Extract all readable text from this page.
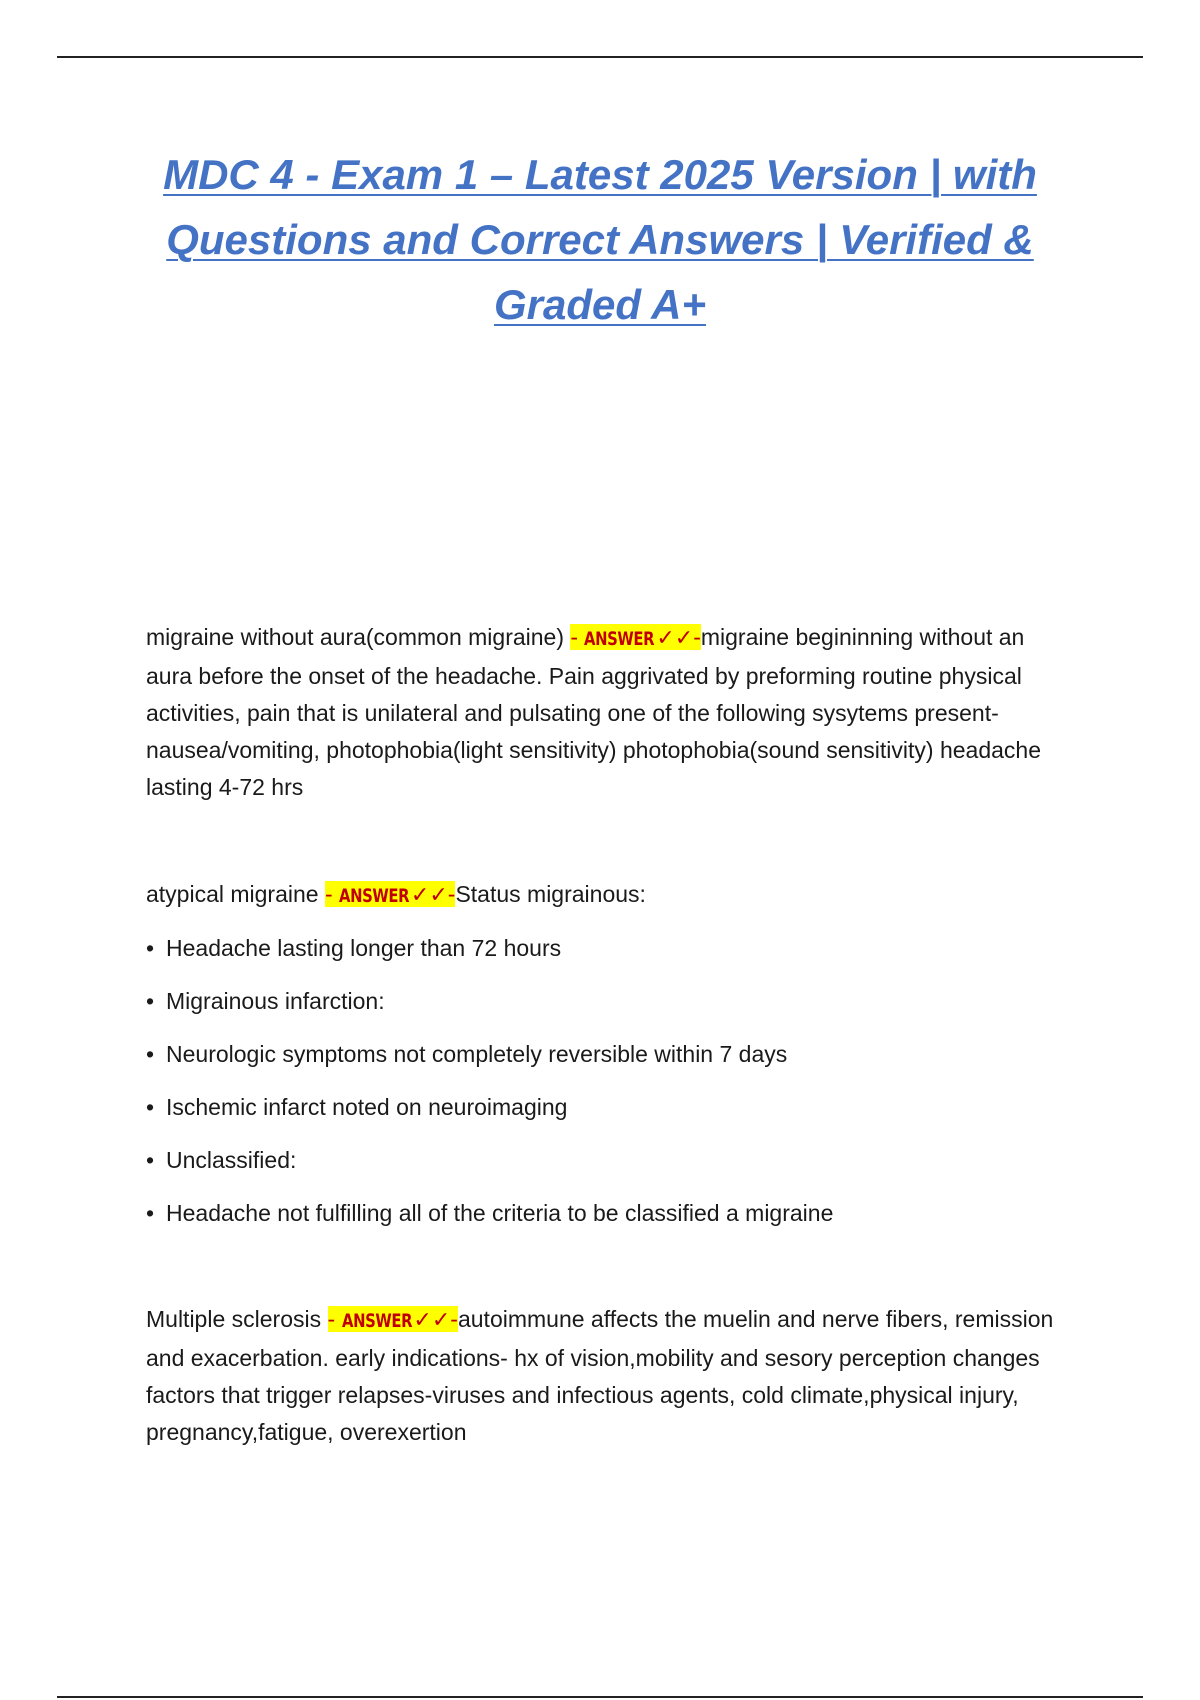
MDC 4 - Exam 1 – Latest 2025 Version | with Questions and Correct Answers | Verified & Graded A+

migraine without aura(common migraine) - ANSWER✓✓-migraine begininning without an aura before the onset of the headache. Pain aggrivated by preforming routine physical activities, pain that is unilateral and pulsating one of the following sysytems present- nausea/vomiting, photophobia(light sensitivity) photophobia(sound sensitivity) headache lasting 4-72 hrs

atypical migraine - ANSWER✓✓-Status migrainous:
• Headache lasting longer than 72 hours
• Migrainous infarction:
• Neurologic symptoms not completely reversible within 7 days
• Ischemic infarct noted on neuroimaging
• Unclassified:
• Headache not fulfilling all of the criteria to be classified a migraine

Multiple sclerosis - ANSWER✓✓-autoimmune affects the muelin and nerve fibers, remission and exacerbation. early indications- hx of vision,mobility and sesory perception changes factors that trigger relapses-viruses and infectious agents, cold climate,physical injury, pregnancy,fatigue, overexertion
